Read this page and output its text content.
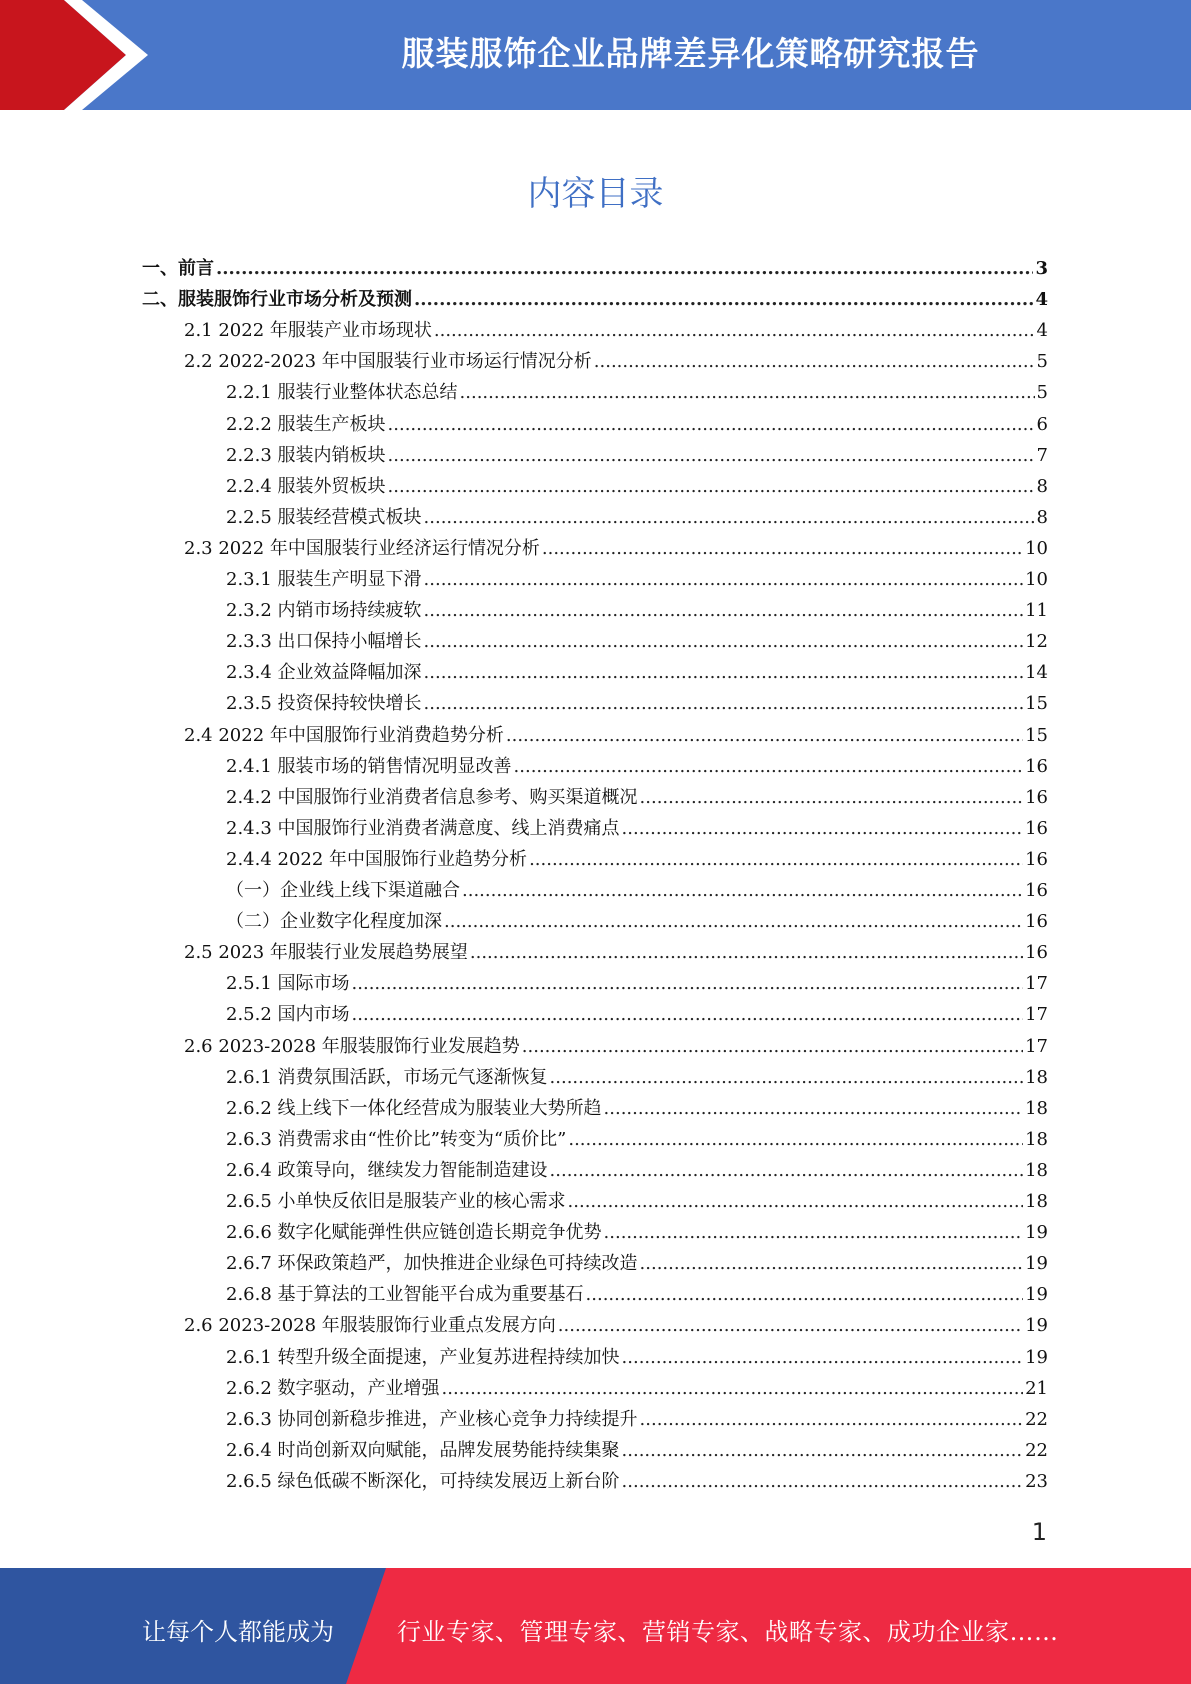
服装服饰企业品牌差异化策略研究报告
内容目录
一、前言 .....	3
二、服装服饰行业市场分析及预测 .....	4
2.1 2022 年服装产业市场现状 .....	4
2.2 2022-2023 年中国服装行业市场运行情况分析 .....	5
2.2.1 服装行业整体状态总结 .....	5
2.2.2 服装生产板块 .....	6
2.2.3 服装内销板块 .....	7
2.2.4 服装外贸板块 .....	8
2.2.5 服装经营模式板块 .....	8
2.3 2022 年中国服装行业经济运行情况分析 .....	10
2.3.1 服装生产明显下滑 .....	10
2.3.2 内销市场持续疲软 .....	11
2.3.3 出口保持小幅增长 .....	12
2.3.4 企业效益降幅加深 .....	14
2.3.5 投资保持较快增长 .....	15
2.4 2022 年中国服饰行业消费趋势分析 .....	15
2.4.1 服装市场的销售情况明显改善 .....	16
2.4.2 中国服饰行业消费者信息参考、购买渠道概况 .....	16
2.4.3 中国服饰行业消费者满意度、线上消费痛点 .....	16
2.4.4 2022 年中国服饰行业趋势分析 .....	16
（一）企业线上线下渠道融合 .....	16
（二）企业数字化程度加深 .....	16
2.5 2023 年服装行业发展趋势展望 .....	16
2.5.1 国际市场 .....	17
2.5.2 国内市场 .....	17
2.6 2023-2028 年服装服饰行业发展趋势 .....	17
2.6.1 消费氛围活跃，市场元气逐渐恢复 .....	18
2.6.2 线上线下一体化经营成为服装业大势所趋 .....	18
2.6.3 消费需求由“性价比”转变为“质价比” .....	18
2.6.4 政策导向，继续发力智能制造建设 .....	18
2.6.5 小单快反依旧是服装产业的核心需求 .....	18
2.6.6 数字化赋能弹性供应链创造长期竞争优势 .....	19
2.6.7 环保政策趋严，加快推进企业绿色可持续改造 .....	19
2.6.8 基于算法的工业智能平台成为重要基石 .....	19
2.6 2023-2028 年服装服饰行业重点发展方向 .....	19
2.6.1 转型升级全面提速，产业复苏进程持续加快 .....	19
2.6.2 数字驱动，产业增强 .....	21
2.6.3 协同创新稳步推进，产业核心竞争力持续提升 .....	22
2.6.4 时尚创新双向赋能，品牌发展势能持续集聚 .....	22
2.6.5 绿色低碳不断深化，可持续发展迈上新台阶 .....	23
1
让每个人都能成为	行业专家、管理专家、营销专家、战略专家、成功企业家……
